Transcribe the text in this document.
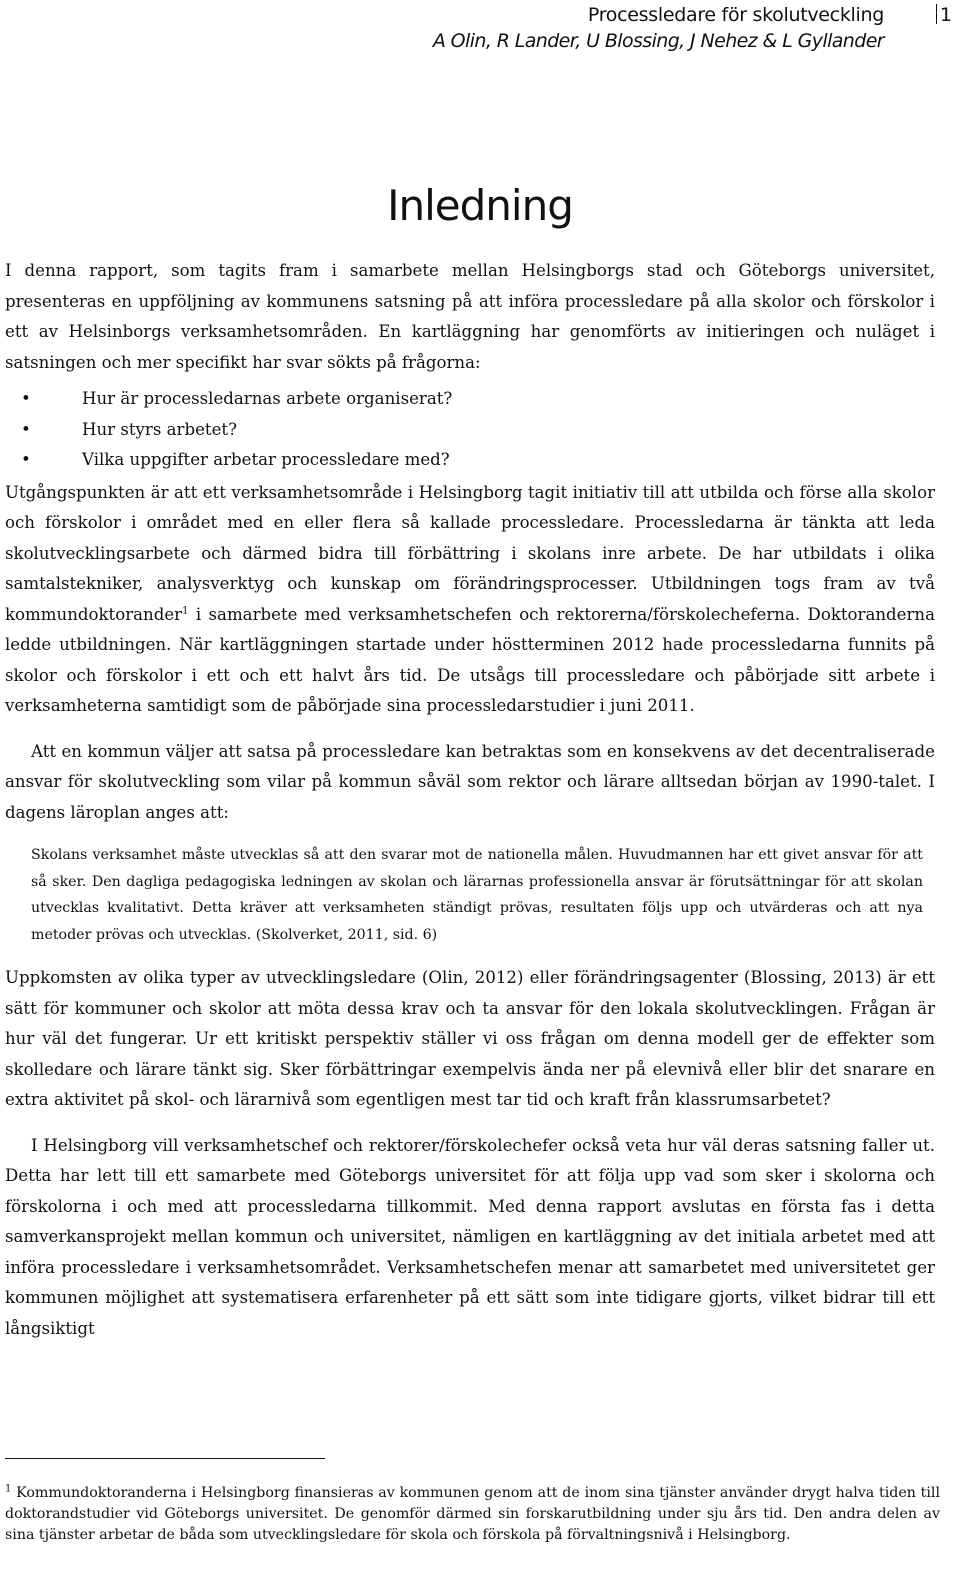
Processledare för skolutveckling
A Olin, R Lander, U Blossing, J Nehez & L Gyllander
1
Inledning

I denna rapport, som tagits fram i samarbete mellan Helsingborgs stad och Göteborgs universitet, presenteras en uppföljning av kommunens satsning på att införa processledare på alla skolor och förskolor i ett av Helsinborgs verksamhetsområden. En kartläggning har genomförts av initieringen och nuläget i satsningen och mer specifikt har svar sökts på frågorna:

•	Hur är processledarnas arbete organiserat?
•	Hur styrs arbetet?
•	Vilka uppgifter arbetar processledare med?

Utgångspunkten är att ett verksamhetsområde i Helsingborg tagit initiativ till att utbilda och förse alla skolor och förskolor i området med en eller flera så kallade processledare. Processledarna är tänkta att leda skolutvecklingsarbete och därmed bidra till förbättring i skolans inre arbete. De har utbildats i olika samtalstekniker, analysverktyg och kunskap om förändringsprocesser. Utbildningen togs fram av två kommundoktorander$^1$ i samarbete med verksamhetschefen och rektorerna/förskolecheferna. Doktoranderna ledde utbildningen. När kartläggningen startade under höstterminen 2012 hade processledarna funnits på skolor och förskolor i ett och ett halvt års tid. De utsågs till processledare och påbörjade sitt arbete i verksamheterna samtidigt som de påbörjade sina processledarstudier i juni 2011.

Att en kommun väljer att satsa på processledare kan betraktas som en konsekvens av det decentraliserade ansvar för skolutveckling som vilar på kommun såväl som rektor och lärare alltsedan början av 1990-talet. I dagens läroplan anges att:

Skolans verksamhet måste utvecklas så att den svarar mot de nationella målen. Huvudmannen har ett givet ansvar för att så sker. Den dagliga pedagogiska ledningen av skolan och lärarnas professionella ansvar är förutsättningar för att skolan utvecklas kvalitativt. Detta kräver att verksamheten ständigt prövas, resultaten följs upp och utvärderas och att nya metoder prövas och utvecklas. (Skolverket, 2011, sid. 6)

Uppkomsten av olika typer av utvecklingsledare (Olin, 2012) eller förändringsagenter (Blossing, 2013) är ett sätt för kommuner och skolor att möta dessa krav och ta ansvar för den lokala skolutvecklingen. Frågan är hur väl det fungerar. Ur ett kritiskt perspektiv ställer vi oss frågan om denna modell ger de effekter som skolledare och lärare tänkt sig. Sker förbättringar exempelvis ända ner på elevnivå eller blir det snarare en extra aktivitet på skol- och lärarnivå som egentligen mest tar tid och kraft från klassrumsarbetet?

I Helsingborg vill verksamhetschef och rektorer/förskolechefer också veta hur väl deras satsning faller ut. Detta har lett till ett samarbete med Göteborgs universitet för att följa upp vad som sker i skolorna och förskolorna i och med att processledarna tillkommit. Med denna rapport avslutas en första fas i detta samverkansprojekt mellan kommun och universitet, nämligen en kartläggning av det initiala arbetet med att införa processledare i verksamhetsområdet. Verksamhetschefen menar att samarbetet med universitetet ger kommunen möjlighet att systematisera erfarenheter på ett sätt som inte tidigare gjorts, vilket bidrar till ett långsiktigt

$^1$ Kommundoktoranderna i Helsingborg finansieras av kommunen genom att de inom sina tjänster använder drygt halva tiden till doktorandstudier vid Göteborgs universitet. De genomför därmed sin forskarutbildning under sju års tid. Den andra delen av sina tjänster arbetar de båda som utvecklingsledare för skola och förskola på förvaltningsnivå i Helsingborg.
